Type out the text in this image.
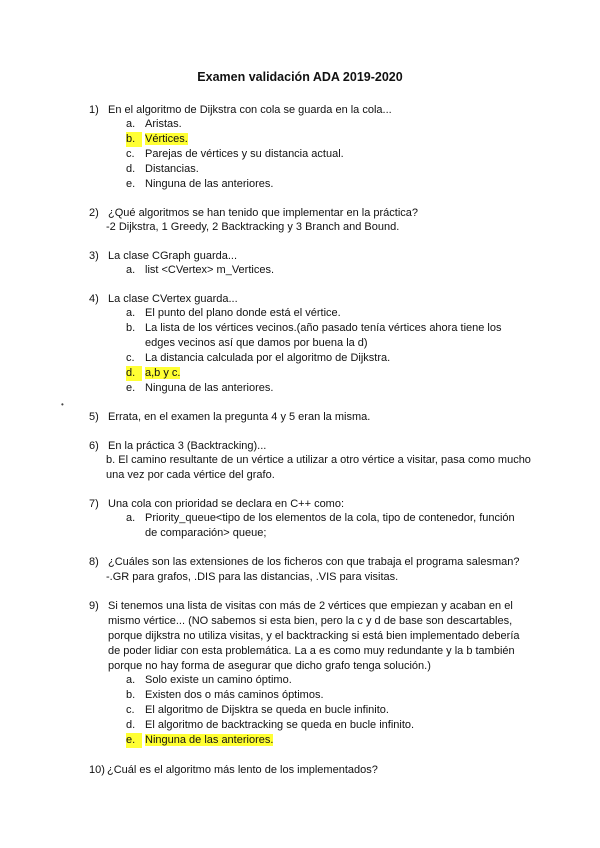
Examen validación ADA 2019-2020
1) En el algoritmo de Dijkstra con cola se guarda en la cola...
a. Aristas.
b. Vértices.
c. Parejas de vértices y su distancia actual.
d. Distancias.
e. Ninguna de las anteriores.
2) ¿Qué algoritmos se han tenido que implementar en la práctica?
-2 Dijkstra, 1 Greedy, 2 Backtracking y 3 Branch and Bound.
3) La clase CGraph guarda...
a. list <CVertex> m_Vertices.
4) La clase CVertex guarda...
a. El punto del plano donde está el vértice.
b. La lista de los vértices vecinos.(año pasado tenía vértices ahora tiene los edges vecinos así que damos por buena la d)
c. La distancia calculada por el algoritmo de Dijkstra.
d. a,b y c.
e. Ninguna de las anteriores.
•
5) Errata, en el examen la pregunta 4 y 5 eran la misma.
6) En la práctica 3 (Backtracking)...
b. El camino resultante de un vértice a utilizar a otro vértice a visitar, pasa como mucho una vez por cada vértice del grafo.
7) Una cola con prioridad se declara en C++ como:
a. Priority_queue<tipo de los elementos de la cola, tipo de contenedor, función de comparación> queue;
8) ¿Cuáles son las extensiones de los ficheros con que trabaja el programa salesman?
-.GR para grafos, .DIS para las distancias, .VIS para visitas.
9) Si tenemos una lista de visitas con más de 2 vértices que empiezan y acaban en el mismo vértice... (NO sabemos si esta bien, pero la c y d de base son descartables, porque dijkstra no utiliza visitas, y el backtracking si está bien implementado debería de poder lidiar con esta problemática. La a es como muy redundante y la b también porque no hay forma de asegurar que dicho grafo tenga solución.)
a. Solo existe un camino óptimo.
b. Existen dos o más caminos óptimos.
c. El algoritmo de Dijsktra se queda en bucle infinito.
d. El algoritmo de backtracking se queda en bucle infinito.
e. Ninguna de las anteriores.
10) ¿Cuál es el algoritmo más lento de los implementados?
